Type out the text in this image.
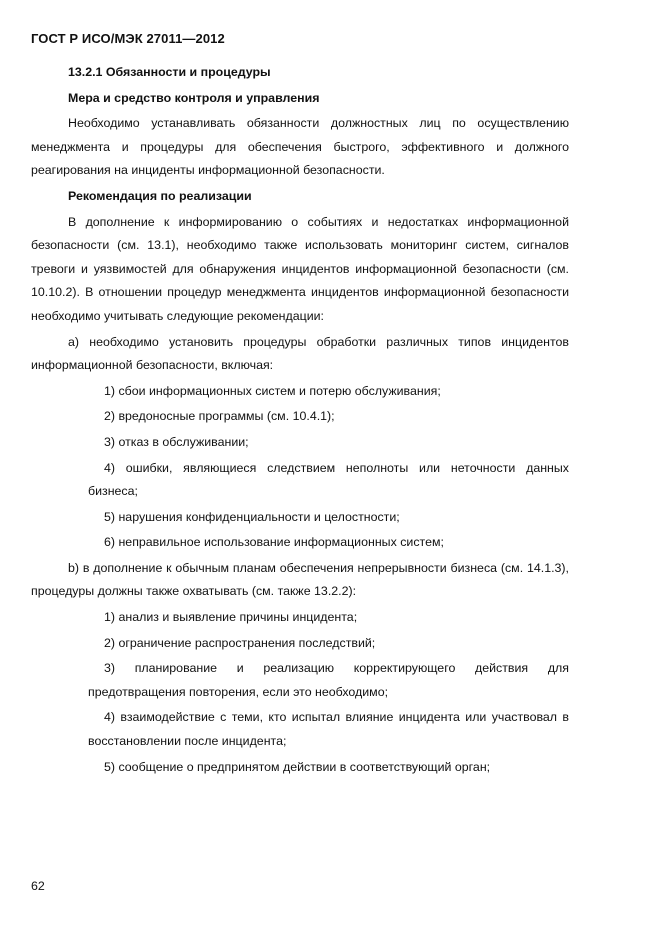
ГОСТ Р ИСО/МЭК 27011—2012

13.2.1 Обязанности и процедуры

Мера и средство контроля и управления

Необходимо устанавливать обязанности должностных лиц по осуществлению менеджмента и процедуры для обеспечения быстрого, эффективного и должного реагирования на инциденты информационной безопасности.

Рекомендация по реализации

В дополнение к информированию о событиях и недостатках информационной безопасности (см. 13.1), необходимо также использовать мониторинг систем, сигналов тревоги и уязвимостей для обнаружения инцидентов информационной безопасности (см. 10.10.2). В отношении процедур менеджмента инцидентов информационной безопасности необходимо учитывать следующие рекомендации:

a) необходимо установить процедуры обработки различных типов инцидентов информационной безопасности, включая:

1) сбои информационных систем и потерю обслуживания;

2) вредоносные программы (см. 10.4.1);

3) отказ в обслуживании;

4) ошибки, являющиеся следствием неполноты или неточности данных бизнеса;

5) нарушения конфиденциальности и целостности;

6) неправильное использование информационных систем;

b) в дополнение к обычным планам обеспечения непрерывности бизнеса (см. 14.1.3), процедуры должны также охватывать (см. также 13.2.2):

1) анализ и выявление причины инцидента;

2) ограничение распространения последствий;

3) планирование и реализацию корректирующего действия для предотвращения повторения, если это необходимо;

4) взаимодействие с теми, кто испытал влияние инцидента или участвовал в восстановлении после инцидента;

5) сообщение о предпринятом действии в соответствующий орган;

62
